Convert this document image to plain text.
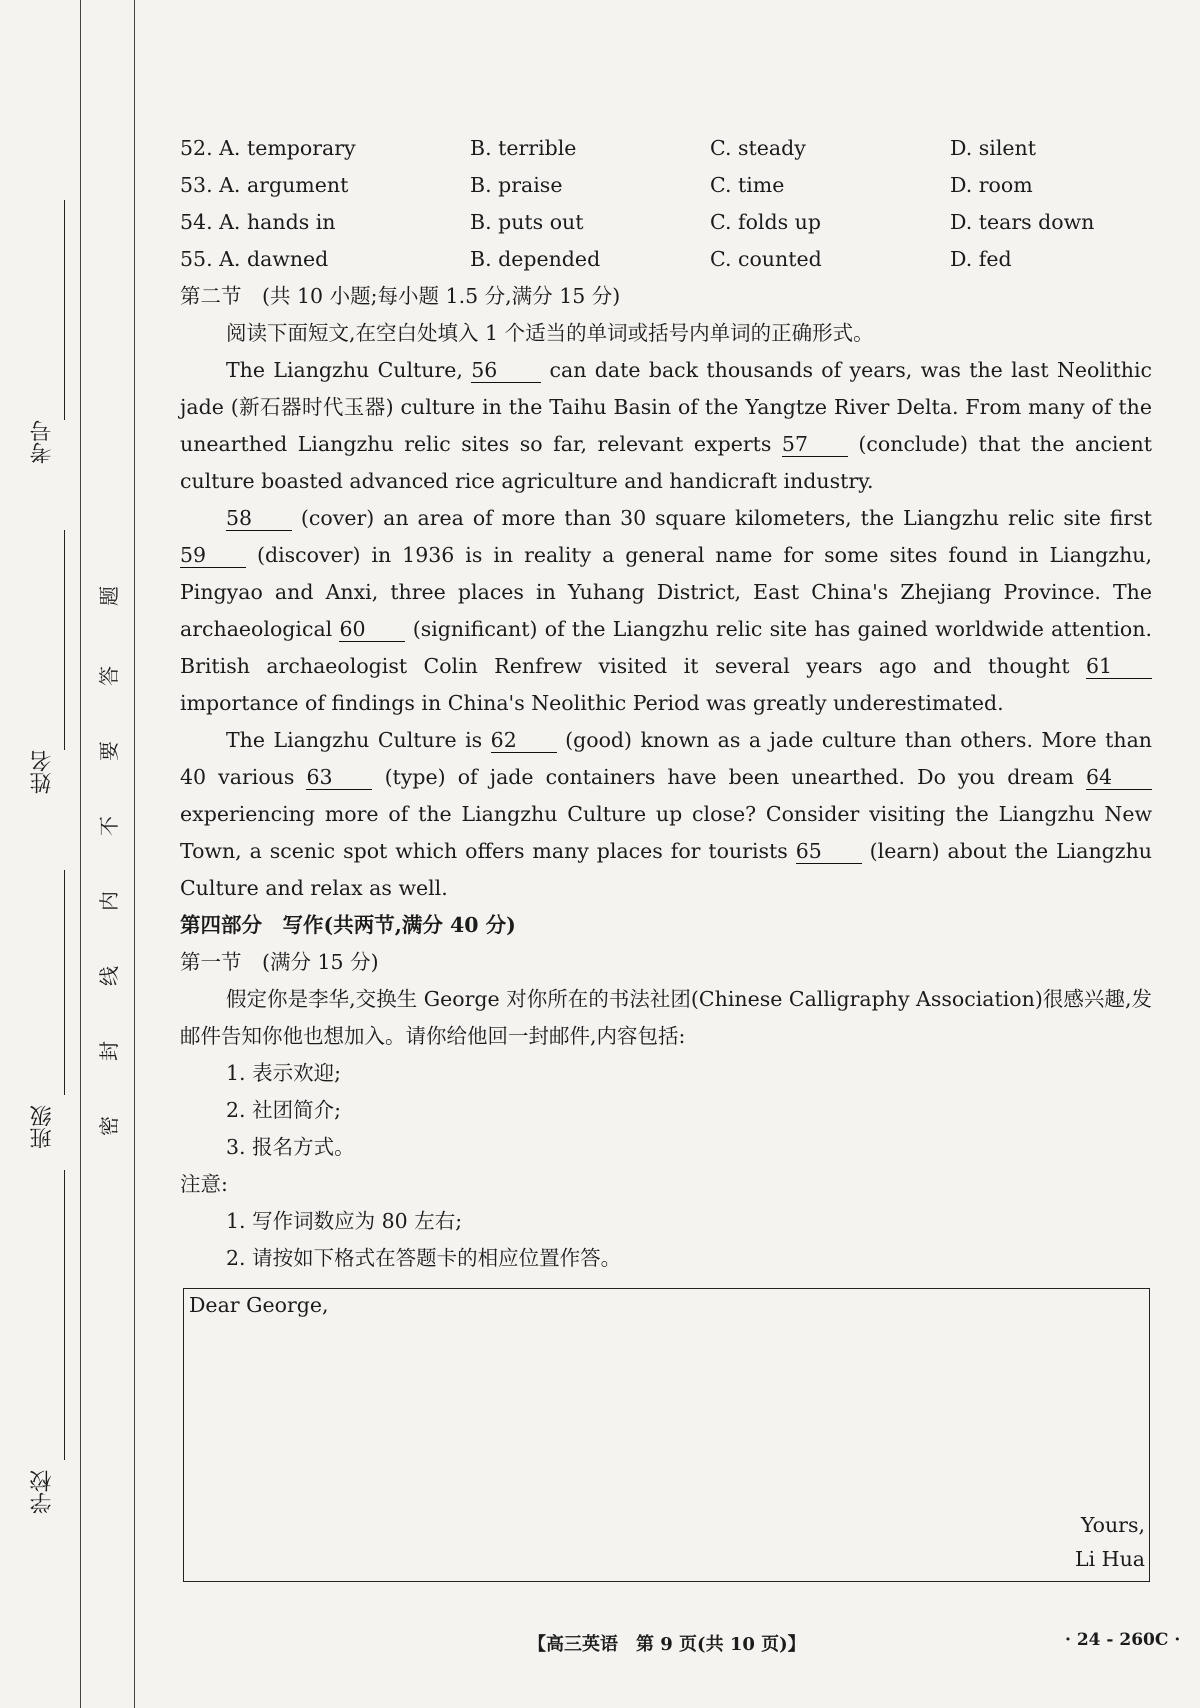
考号
姓名
班级
学校
题
答
要
不
内
线
封
密
52. A. temporary	B. terrible	C. steady	D. silent
53. A. argument	B. praise	C. time	D. room
54. A. hands in	B. puts out	C. folds up	D. tears down
55. A. dawned	B. depended	C. counted	D. fed
第二节　(共 10 小题;每小题 1.5 分,满分 15 分)
阅读下面短文,在空白处填入 1 个适当的单词或括号内单词的正确形式。

The Liangzhu Culture, 56 can date back thousands of years, was the last Neolithic jade (新石器时代玉器) culture in the Taihu Basin of the Yangtze River Delta. From many of the unearthed Liangzhu relic sites so far, relevant experts 57 (conclude) that the ancient culture boasted advanced rice agriculture and handicraft industry.

58 (cover) an area of more than 30 square kilometers, the Liangzhu relic site first 59 (discover) in 1936 is in reality a general name for some sites found in Liangzhu, Pingyao and Anxi, three places in Yuhang District, East China's Zhejiang Province. The archaeological 60 (significant) of the Liangzhu relic site has gained worldwide attention. British archaeologist Colin Renfrew visited it several years ago and thought 61 importance of findings in China's Neolithic Period was greatly underestimated.

The Liangzhu Culture is 62 (good) known as a jade culture than others. More than 40 various 63 (type) of jade containers have been unearthed. Do you dream 64 experiencing more of the Liangzhu Culture up close? Consider visiting the Liangzhu New Town, a scenic spot which offers many places for tourists 65 (learn) about the Liangzhu Culture and relax as well.

第四部分　写作(共两节,满分 40 分)
第一节　(满分 15 分)

假定你是李华,交换生 George 对你所在的书法社团(Chinese Calligraphy Association)很感兴趣,发邮件告知你他也想加入。请你给他回一封邮件,内容包括:

1. 表示欢迎;
2. 社团简介;
3. 报名方式。
注意:
1. 写作词数应为 80 左右;
2. 请按如下格式在答题卡的相应位置作答。
Dear George,
Yours,
Li Hua
【高三英语　第 9 页(共 10 页)】	· 24 - 260C ·
